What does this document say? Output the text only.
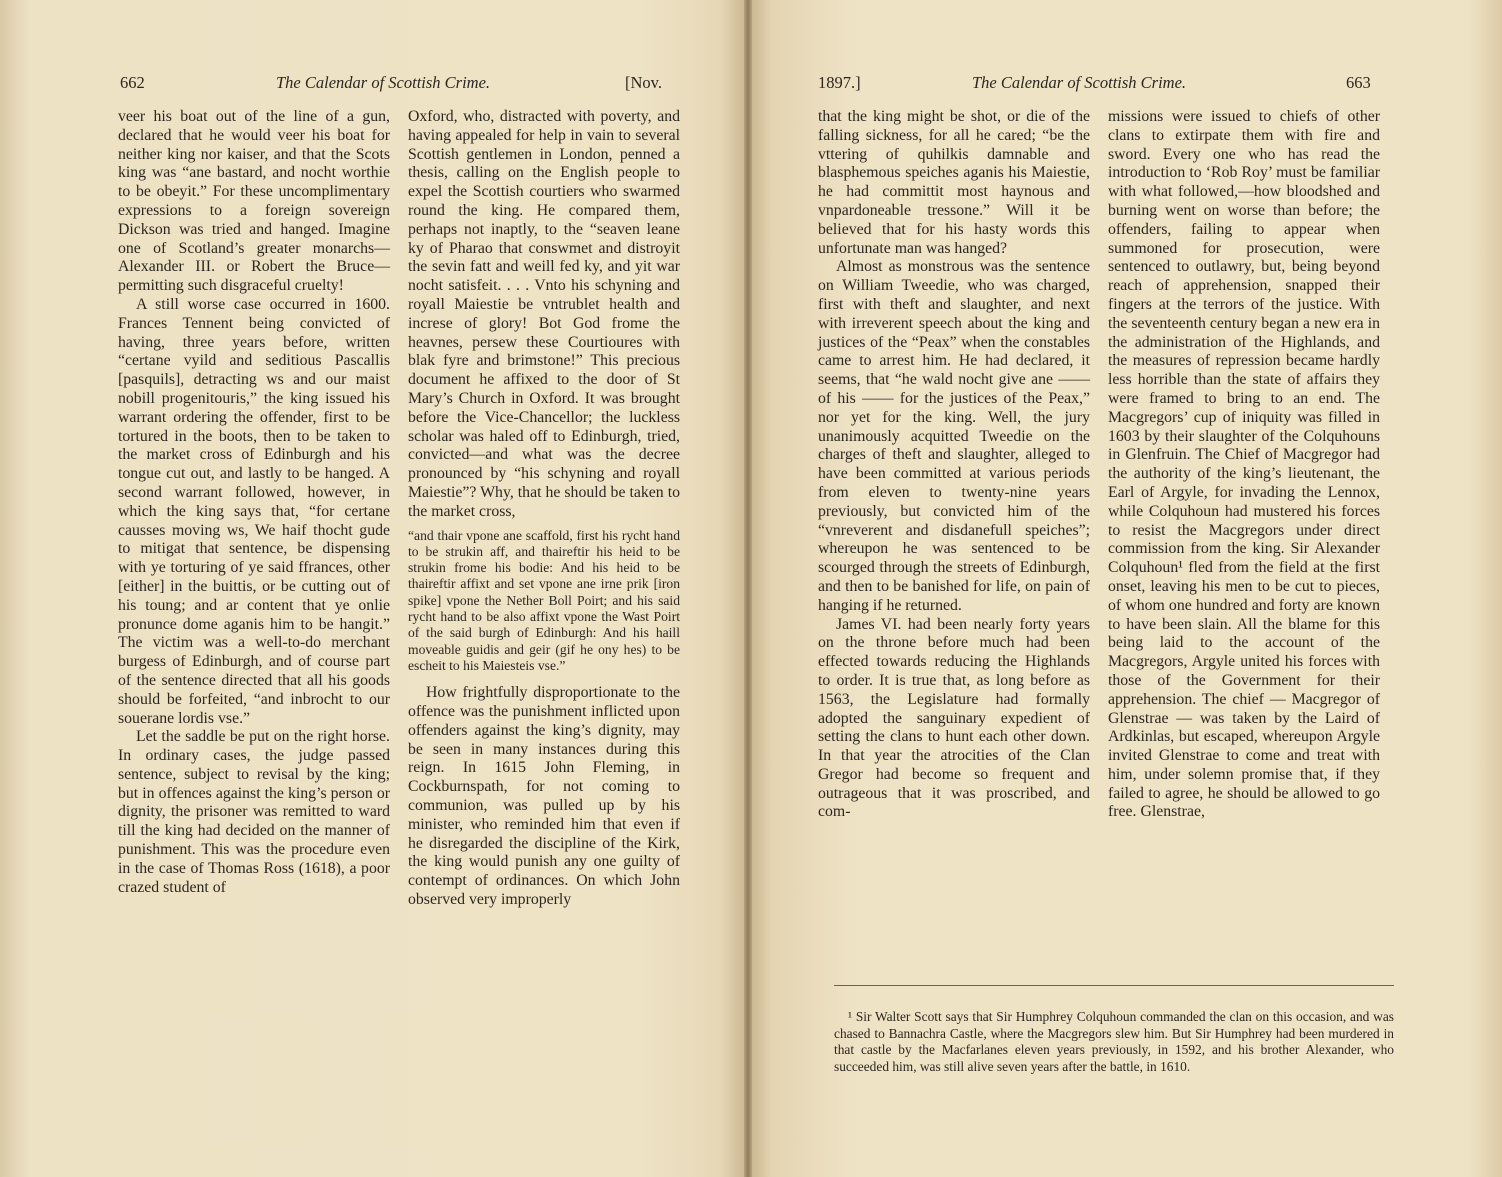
662	The Calendar of Scottish Crime.	[Nov.

veer his boat out of the line of a gun, declared that he would veer his boat for neither king nor kaiser, and that the Scots king was “ane bastard, and nocht worthie to be obeyit.” For these uncomplimentary expressions to a foreign sovereign Dickson was tried and hanged. Imagine one of Scotland’s greater monarchs—Alexander III. or Robert the Bruce—permitting such disgraceful cruelty!

A still worse case occurred in 1600. Frances Tennent being convicted of having, three years before, written “certane vyild and seditious Pascallis [pasquils], detracting ws and our maist nobill progenitouris,” the king issued his warrant ordering the offender, first to be tortured in the boots, then to be taken to the market cross of Edinburgh and his tongue cut out, and lastly to be hanged. A second warrant followed, however, in which the king says that, “for certane causses moving ws, We haif thocht gude to mitigat that sentence, be dispensing with ye torturing of ye said ffrances, other [either] in the buittis, or be cutting out of his toung; and ar content that ye onlie pronunce dome aganis him to be hangit.” The victim was a well-to-do merchant burgess of Edinburgh, and of course part of the sentence directed that all his goods should be forfeited, “and inbrocht to our souerane lordis vse.”

Let the saddle be put on the right horse. In ordinary cases, the judge passed sentence, subject to revisal by the king; but in offences against the king’s person or dignity, the prisoner was remitted to ward till the king had decided on the manner of punishment. This was the procedure even in the case of Thomas Ross (1618), a poor crazed student of

Oxford, who, distracted with poverty, and having appealed for help in vain to several Scottish gentlemen in London, penned a thesis, calling on the English people to expel the Scottish courtiers who swarmed round the king. He compared them, perhaps not inaptly, to the “seaven leane ky of Pharao that conswmet and distroyit the sevin fatt and weill fed ky, and yit war nocht satisfeit. . . . Vnto his schyning and royall Maiestie be vntrublet health and increse of glory! Bot God frome the heavnes, persew these Courtioures with blak fyre and brimstone!” This precious document he affixed to the door of St Mary’s Church in Oxford. It was brought before the Vice-Chancellor; the luckless scholar was haled off to Edinburgh, tried, convicted—and what was the decree pronounced by “his schyning and royall Maiestie”? Why, that he should be taken to the market cross,

“and thair vpone ane scaffold, first his rycht hand to be strukin aff, and thaireftir his heid to be strukin frome his bodie: And his heid to be thaireftir affixt and set vpone ane irne prik [iron spike] vpone the Nether Boll Poirt; and his said rycht hand to be also affixt vpone the Wast Poirt of the said burgh of Edinburgh: And his haill moveable guidis and geir (gif he ony hes) to be escheit to his Maiesteis vse.”

How frightfully disproportionate to the offence was the punishment inflicted upon offenders against the king’s dignity, may be seen in many instances during this reign. In 1615 John Fleming, in Cockburnspath, for not coming to communion, was pulled up by his minister, who reminded him that even if he disregarded the discipline of the Kirk, the king would punish any one guilty of contempt of ordinances. On which John observed very improperly

1897.]	The Calendar of Scottish Crime.	663

that the king might be shot, or die of the falling sickness, for all he cared; “be the vttering of quhilkis damnable and blasphemous speiches aganis his Maiestie, he had committit most haynous and vnpardoneable tressone.” Will it be believed that for his hasty words this unfortunate man was hanged?

Almost as monstrous was the sentence on William Tweedie, who was charged, first with theft and slaughter, and next with irreverent speech about the king and justices of the “Peax” when the constables came to arrest him. He had declared, it seems, that “he wald nocht give ane —— of his —— for the justices of the Peax,” nor yet for the king. Well, the jury unanimously acquitted Tweedie on the charges of theft and slaughter, alleged to have been committed at various periods from eleven to twenty-nine years previously, but convicted him of the “vnreverent and disdanefull speiches”; whereupon he was sentenced to be scourged through the streets of Edinburgh, and then to be banished for life, on pain of hanging if he returned.

James VI. had been nearly forty years on the throne before much had been effected towards reducing the Highlands to order. It is true that, as long before as 1563, the Legislature had formally adopted the sanguinary expedient of setting the clans to hunt each other down. In that year the atrocities of the Clan Gregor had become so frequent and outrageous that it was proscribed, and com-

missions were issued to chiefs of other clans to extirpate them with fire and sword. Every one who has read the introduction to ‘Rob Roy’ must be familiar with what followed,—how bloodshed and burning went on worse than before; the offenders, failing to appear when summoned for prosecution, were sentenced to outlawry, but, being beyond reach of apprehension, snapped their fingers at the terrors of the justice. With the seventeenth century began a new era in the administration of the Highlands, and the measures of repression became hardly less horrible than the state of affairs they were framed to bring to an end. The Macgregors’ cup of iniquity was filled in 1603 by their slaughter of the Colquhouns in Glenfruin. The Chief of Macgregor had the authority of the king’s lieutenant, the Earl of Argyle, for invading the Lennox, while Colquhoun had mustered his forces to resist the Macgregors under direct commission from the king. Sir Alexander Colquhoun¹ fled from the field at the first onset, leaving his men to be cut to pieces, of whom one hundred and forty are known to have been slain. All the blame for this being laid to the account of the Macgregors, Argyle united his forces with those of the Government for their apprehension. The chief — Macgregor of Glenstrae — was taken by the Laird of Ardkinlas, but escaped, whereupon Argyle invited Glenstrae to come and treat with him, under solemn promise that, if they failed to agree, he should be allowed to go free. Glenstrae,

¹ Sir Walter Scott says that Sir Humphrey Colquhoun commanded the clan on this occasion, and was chased to Bannachra Castle, where the Macgregors slew him. But Sir Humphrey had been murdered in that castle by the Macfarlanes eleven years previously, in 1592, and his brother Alexander, who succeeded him, was still alive seven years after the battle, in 1610.
